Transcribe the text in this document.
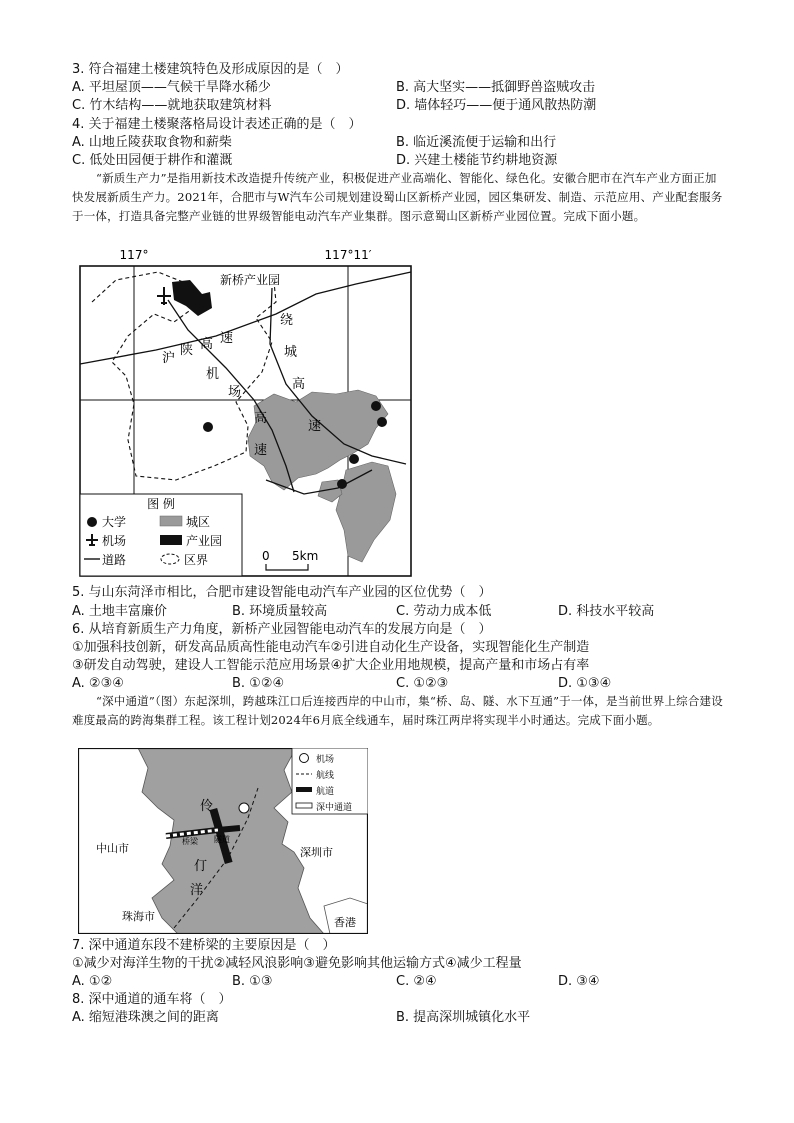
3. 符合福建土楼建筑特色及形成原因的是（　）
A. 平坦屋顶——气候干旱降水稀少	B. 高大坚实——抵御野兽盗贼攻击
C. 竹木结构——就地获取建筑材料	D. 墙体轻巧——便于通风散热防潮
4. 关于福建土楼聚落格局设计表述正确的是（　）
A. 山地丘陵获取食物和薪柴	B. 临近溪流便于运输和出行
C. 低处田园便于耕作和灌溉	D. 兴建土楼能节约耕地资源
“新质生产力”是指用新技术改造提升传统产业，积极促进产业高端化、智能化、绿色化。安徽合肥市在汽车产业方面正加快发展新质生产力。2021年，合肥市与W汽车公司规划建设蜀山区新桥产业园，园区集研发、制造、示范应用、产业配套服务于一体，打造具备完整产业链的世界级智能电动汽车产业集群。图示意蜀山区新桥产业园位置。完成下面小题。
117°	117°11′
新桥产业园
沪
陕 高 速
机
场
高
速
绕
城
高
速
图 例
大学	城区
机场	产业园
道路	区界	0 5km
5. 与山东菏泽市相比，合肥市建设智能电动汽车产业园的区位优势（　）
A. 土地丰富廉价	B. 环境质量较高	C. 劳动力成本低	D. 科技水平较高
6. 从培育新质生产力角度，新桥产业园智能电动汽车的发展方向是（　）
①加强科技创新，研发高品质高性能电动汽车②引进自动化生产设备，实现智能化生产制造
③研发自动驾驶，建设人工智能示范应用场景④扩大企业用地规模，提高产量和市场占有率
A. ②③④	B. ①②④	C. ①②③	D. ①③④
“深中通道”（图）东起深圳，跨越珠江口后连接西岸的中山市，集“桥、岛、隧、水下互通”于一体，是当前世界上综合建设难度最高的跨海集群工程。该工程计划2024年6月底全线通车，届时珠江两岸将实现半小时通达。完成下面小题。
机场
航线
航道
深中通道
桥梁 隧道
伶
仃
洋
中山市	深圳市
珠海市	香港
7. 深中通道东段不建桥梁的主要原因是（　）
①减少对海洋生物的干扰②减轻风浪影响③避免影响其他运输方式④减少工程量
A. ①②	B. ①③	C. ②④	D. ③④
8. 深中通道的通车将（　）
A. 缩短港珠澳之间的距离	B. 提高深圳城镇化水平
